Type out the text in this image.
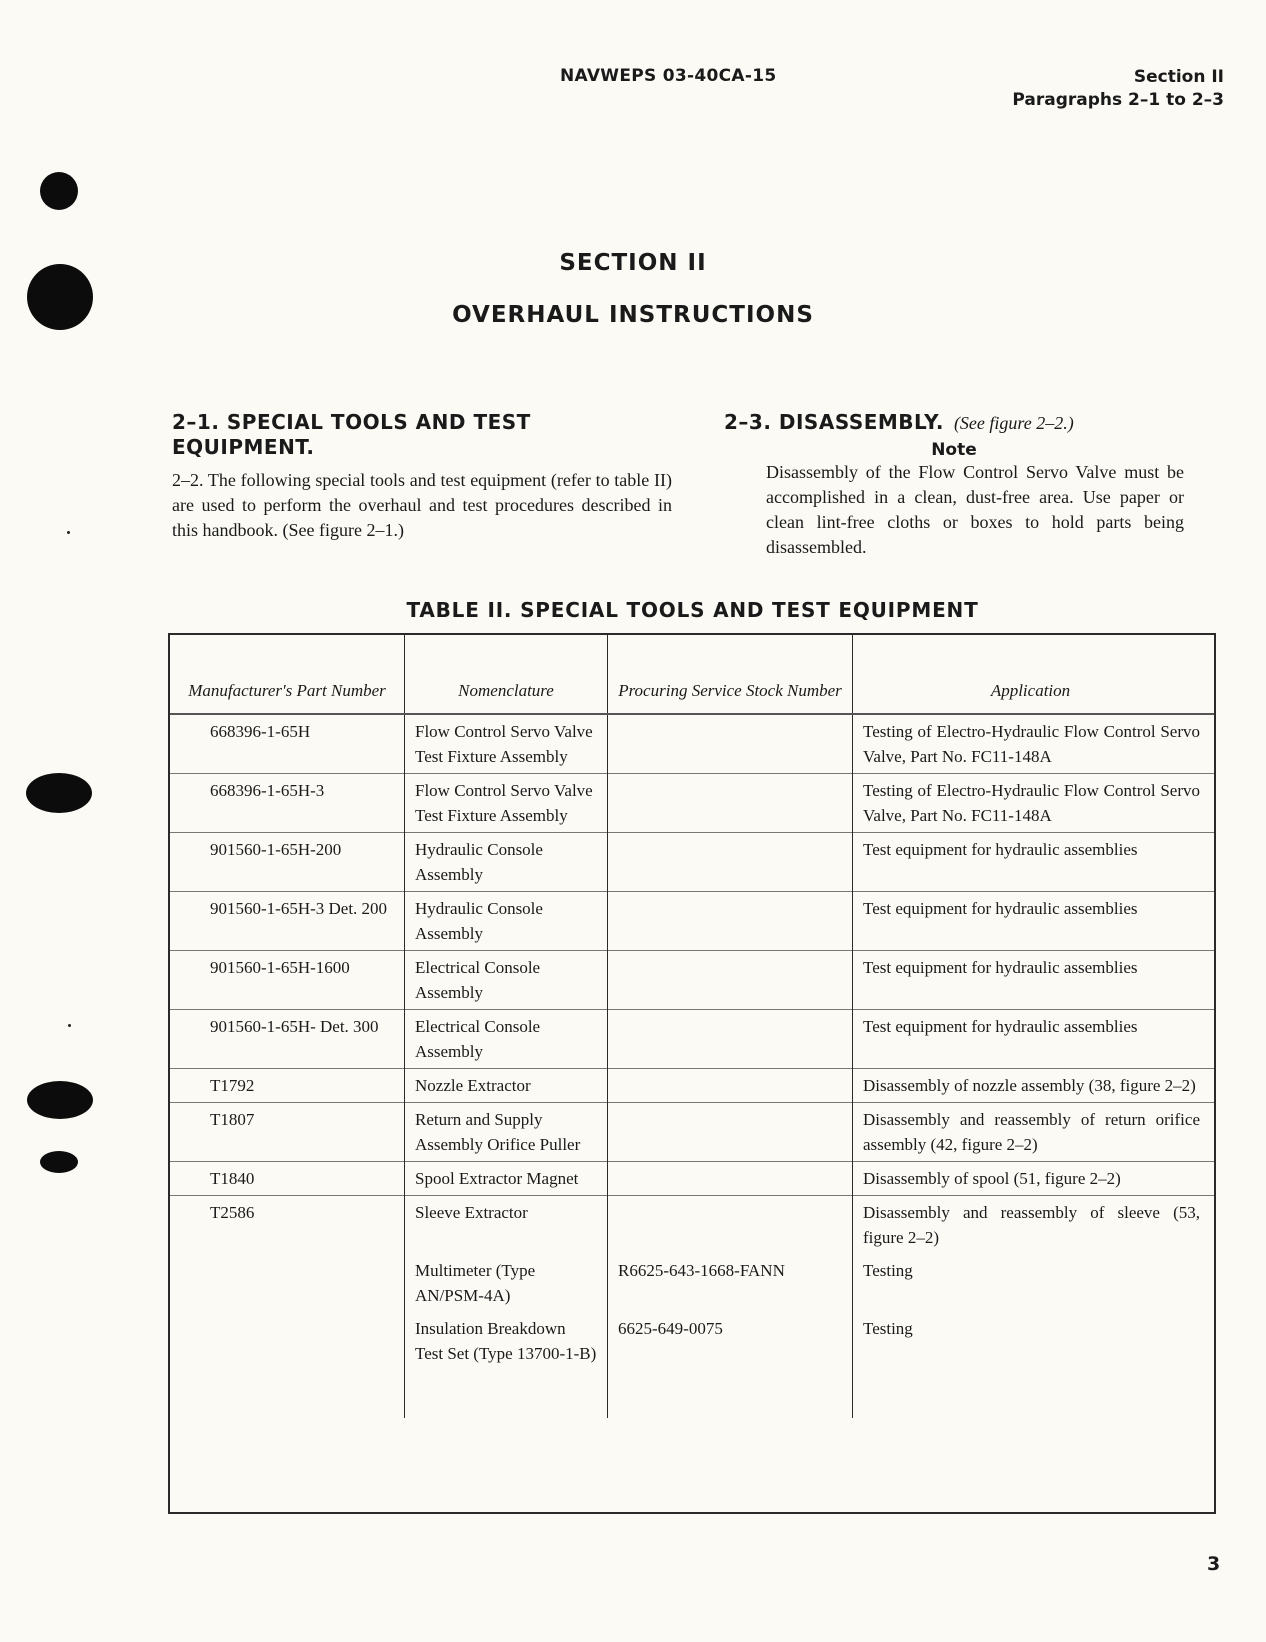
NAVWEPS 03-40CA-15	Section II
Paragraphs 2–1 to 2–3
SECTION II
OVERHAUL INSTRUCTIONS
2–1. SPECIAL TOOLS AND TEST EQUIPMENT.
2–2. The following special tools and test equipment (refer to table II) are used to perform the overhaul and test procedures described in this handbook. (See figure 2–1.)
2–3. DISASSEMBLY. (See figure 2–2.)
Note
Disassembly of the Flow Control Servo Valve must be accomplished in a clean, dust-free area. Use paper or clean lint-free cloths or boxes to hold parts being disassembled.
TABLE II. SPECIAL TOOLS AND TEST EQUIPMENT
Manufacturer's Part Number	Nomenclature	Procuring Service Stock Number	Application
668396-1-65H	Flow Control Servo Valve Test Fixture Assembly		Testing of Electro-Hydraulic Flow Control Servo Valve, Part No. FC11-148A
668396-1-65H-3	Flow Control Servo Valve Test Fixture Assembly		Testing of Electro-Hydraulic Flow Control Servo Valve, Part No. FC11-148A
901560-1-65H-200	Hydraulic Console Assembly		Test equipment for hydraulic assemblies
901560-1-65H-3 Det. 200	Hydraulic Console Assembly		Test equipment for hydraulic assemblies
901560-1-65H-1600	Electrical Console Assembly		Test equipment for hydraulic assemblies
901560-1-65H- Det. 300	Electrical Console Assembly		Test equipment for hydraulic assemblies
T1792	Nozzle Extractor		Disassembly of nozzle assembly (38, figure 2–2)
T1807	Return and Supply Assembly Orifice Puller		Disassembly and reassembly of return orifice assembly (42, figure 2–2)
T1840	Spool Extractor Magnet		Disassembly of spool (51, figure 2–2)
T2586	Sleeve Extractor		Disassembly and reassembly of sleeve (53, figure 2–2)
	Multimeter (Type AN/PSM-4A)	R6625-643-1668-FANN	Testing
	Insulation Breakdown Test Set (Type 13700-1-B)	6625-649-0075	Testing

3
